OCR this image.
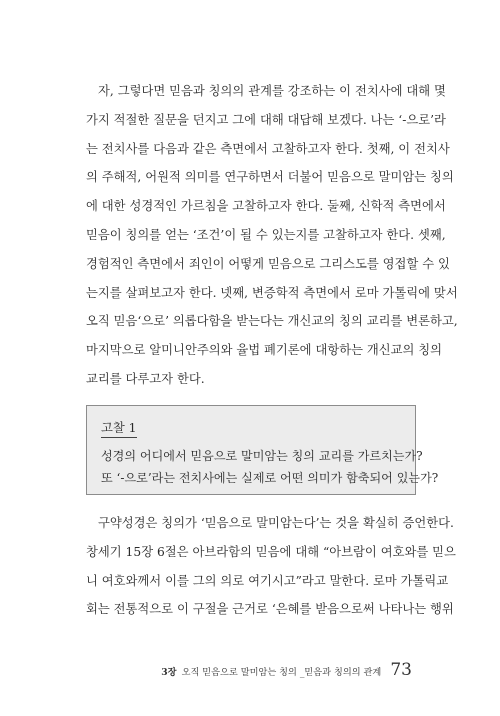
자, 그렇다면 믿음과 칭의의 관계를 강조하는 이 전치사에 대해 몇
가지 적절한 질문을 던지고 그에 대해 대답해 보겠다. 나는 ‘-으로’라
는 전치사를 다음과 같은 측면에서 고찰하고자 한다. 첫째, 이 전치사
의 주해적, 어원적 의미를 연구하면서 더불어 믿음으로 말미암는 칭의
에 대한 성경적인 가르침을 고찰하고자 한다. 둘째, 신학적 측면에서
믿음이 칭의를 얻는 ‘조건’이 될 수 있는지를 고찰하고자 한다. 셋째,
경험적인 측면에서 죄인이 어떻게 믿음으로 그리스도를 영접할 수 있
는지를 살펴보고자 한다. 넷째, 변증학적 측면에서 로마 가톨릭에 맞서
오직 믿음‘으로’ 의롭다함을 받는다는 개신교의 칭의 교리를 변론하고,
마지막으로 알미니안주의와 율법 폐기론에 대항하는 개신교의 칭의
교리를 다루고자 한다.
고찰 1
성경의 어디에서 믿음으로 말미암는 칭의 교리를 가르치는가?
또 ‘-으로’라는 전치사에는 실제로 어떤 의미가 함축되어 있는가?
구약성경은 칭의가 ‘믿음으로 말미암는다’는 것을 확실히 증언한다.
창세기 15장 6절은 아브라함의 믿음에 대해 “아브람이 여호와를 믿으
니 여호와께서 이를 그의 의로 여기시고”라고 말한다. 로마 가톨릭교
회는 전통적으로 이 구절을 근거로 ‘은혜를 받음으로써 나타나는 행위
3장 오직 믿음으로 말미암는 칭의 _믿음과 칭의의 관계 73
